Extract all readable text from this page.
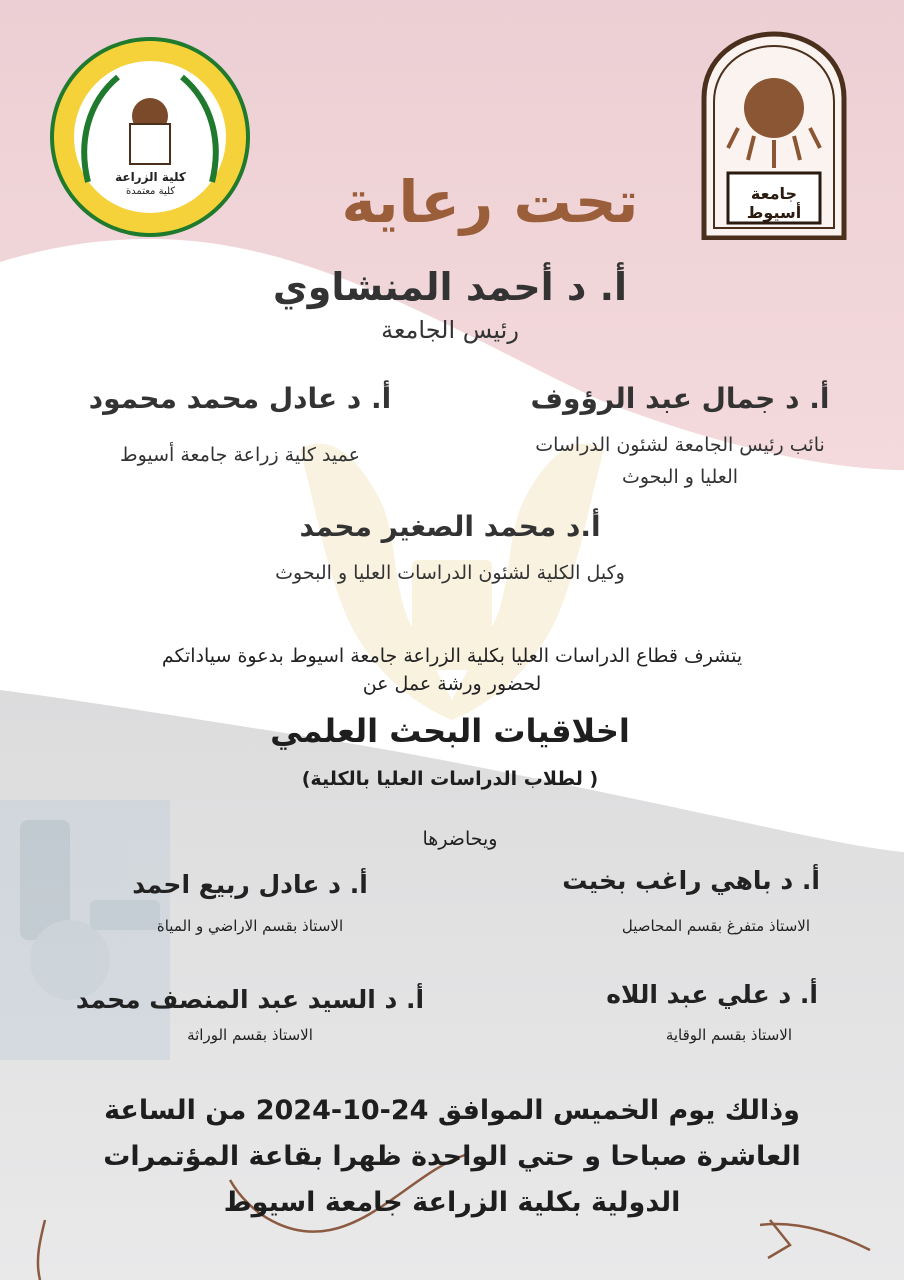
كلية الزراعة
كلية معتمدة	جامعة أسيوط
تحت رعاية
أ. د أحمد المنشاوي
رئيس الجامعة
أ. د جمال عبد الرؤوف
نائب رئيس الجامعة لشئون الدراسات
العليا و البحوث
أ. د عادل محمد محمود
عميد كلية زراعة جامعة أسيوط
أ.د محمد الصغير محمد
وكيل الكلية لشئون الدراسات العليا و البحوث
يتشرف قطاع الدراسات العليا بكلية الزراعة جامعة اسيوط بدعوة سياداتكم
لحضور ورشة عمل عن
اخلاقيات البحث العلمي
( لطلاب الدراسات العليا بالكلية)
ويحاضرها
أ. د باهي راغب بخيت
الاستاذ متفرغ بقسم المحاصيل
أ. د عادل ربيع احمد
الاستاذ بقسم الاراضي و المياة
أ. د علي عبد اللاه
الاستاذ بقسم الوقاية
أ. د السيد عبد المنصف محمد
الاستاذ بقسم الوراثة
وذالك يوم الخميس الموافق 24-10-2024 من الساعة
العاشرة صباحا و حتي الواحدة ظهرا بقاعة المؤتمرات
الدولية بكلية الزراعة جامعة اسيوط
